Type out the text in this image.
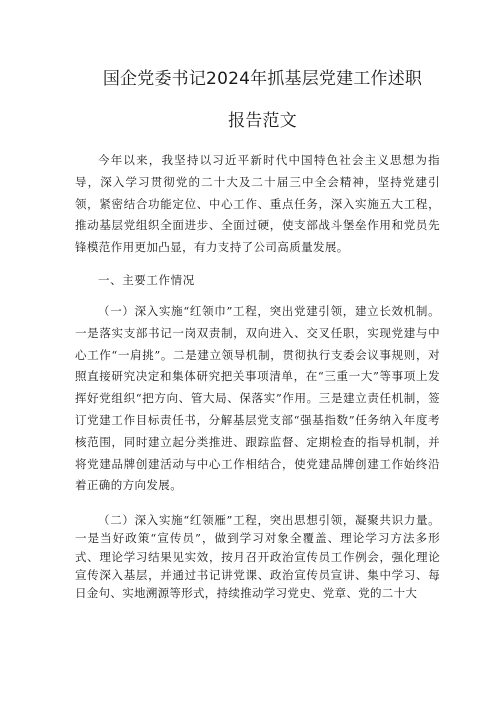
国企党委书记2024年抓基层党建工作述职
报告范文

今年以来，我坚持以习近平新时代中国特色社会主义思想为指导，深入学习贯彻党的二十大及二十届三中全会精神，坚持党建引领，紧密结合功能定位、中心工作、重点任务，深入实施五大工程，推动基层党组织全面进步、全面过硬，使支部战斗堡垒作用和党员先锋模范作用更加凸显，有力支持了公司高质量发展。

一、主要工作情况

（一）深入实施“红领巾”工程，突出党建引领，建立长效机制。一是落实支部书记一岗双责制，双向进入、交叉任职，实现党建与中心工作“一肩挑”。二是建立领导机制，贯彻执行支委会议事规则，对照直接研究决定和集体研究把关事项清单，在“三重一大”等事项上发挥好党组织“把方向、管大局、保落实”作用。三是建立责任机制，签订党建工作目标责任书，分解基层党支部“强基指数”任务纳入年度考核范围，同时建立起分类推进、跟踪监督、定期检查的指导机制，并将党建品牌创建活动与中心工作相结合，使党建品牌创建工作始终沿着正确的方向发展。

（二）深入实施“红领雁”工程，突出思想引领，凝聚共识力量。一是当好政策“宣传员”，做到学习对象全覆盖、理论学习方法多形式、理论学习结果见实效，按月召开政治宣传员工作例会，强化理论宣传深入基层，并通过书记讲党课、政治宣传员宣讲、集中学习、每日金句、实地溯源等形式，持续推动学习党史、党章、党的二十大
